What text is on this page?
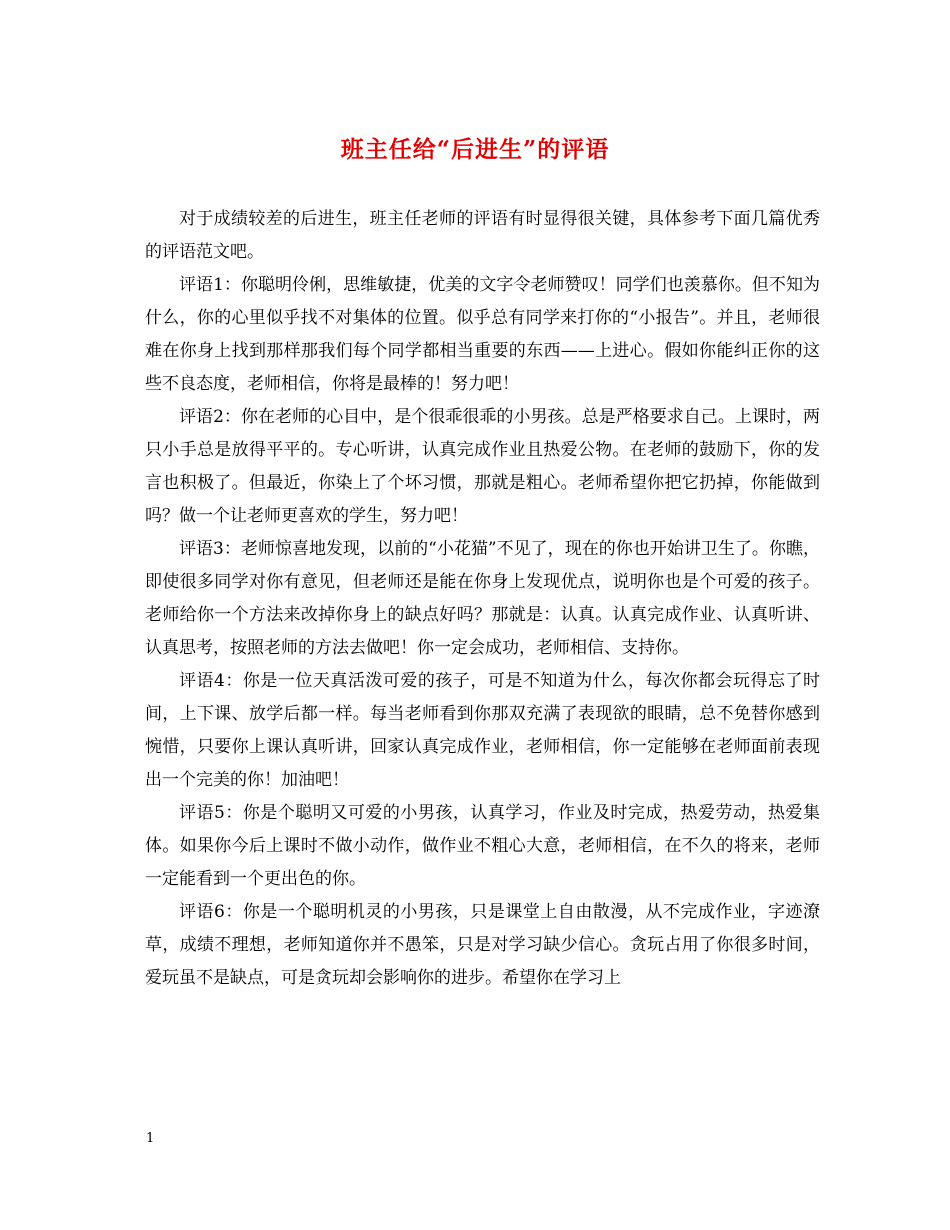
班主任给“后进生”的评语

对于成绩较差的后进生，班主任老师的评语有时显得很关键，具体参考下面几篇优秀的评语范文吧。

评语1：你聪明伶俐，思维敏捷，优美的文字令老师赞叹！同学们也羡慕你。但不知为什么，你的心里似乎找不对集体的位置。似乎总有同学来打你的“小报告”。并且，老师很难在你身上找到那样那我们每个同学都相当重要的东西——上进心。假如你能纠正你的这些不良态度，老师相信，你将是最棒的！努力吧！

评语2：你在老师的心目中，是个很乖很乖的小男孩。总是严格要求自己。上课时，两只小手总是放得平平的。专心听讲，认真完成作业且热爱公物。在老师的鼓励下，你的发言也积极了。但最近，你染上了个坏习惯，那就是粗心。老师希望你把它扔掉，你能做到吗？做一个让老师更喜欢的学生，努力吧！

评语3：老师惊喜地发现，以前的“小花猫”不见了，现在的你也开始讲卫生了。你瞧，即使很多同学对你有意见，但老师还是能在你身上发现优点，说明你也是个可爱的孩子。老师给你一个方法来改掉你身上的缺点好吗？那就是：认真。认真完成作业、认真听讲、认真思考，按照老师的方法去做吧！你一定会成功，老师相信、支持你。

评语4：你是一位天真活泼可爱的孩子，可是不知道为什么，每次你都会玩得忘了时间，上下课、放学后都一样。每当老师看到你那双充满了表现欲的眼睛，总不免替你感到惋惜，只要你上课认真听讲，回家认真完成作业，老师相信，你一定能够在老师面前表现出一个完美的你！加油吧！

评语5：你是个聪明又可爱的小男孩，认真学习，作业及时完成，热爱劳动，热爱集体。如果你今后上课时不做小动作，做作业不粗心大意，老师相信，在不久的将来，老师一定能看到一个更出色的你。

评语6：你是一个聪明机灵的小男孩，只是课堂上自由散漫，从不完成作业，字迹潦草，成绩不理想，老师知道你并不愚笨，只是对学习缺少信心。贪玩占用了你很多时间，爱玩虽不是缺点，可是贪玩却会影响你的进步。希望你在学习上

1
